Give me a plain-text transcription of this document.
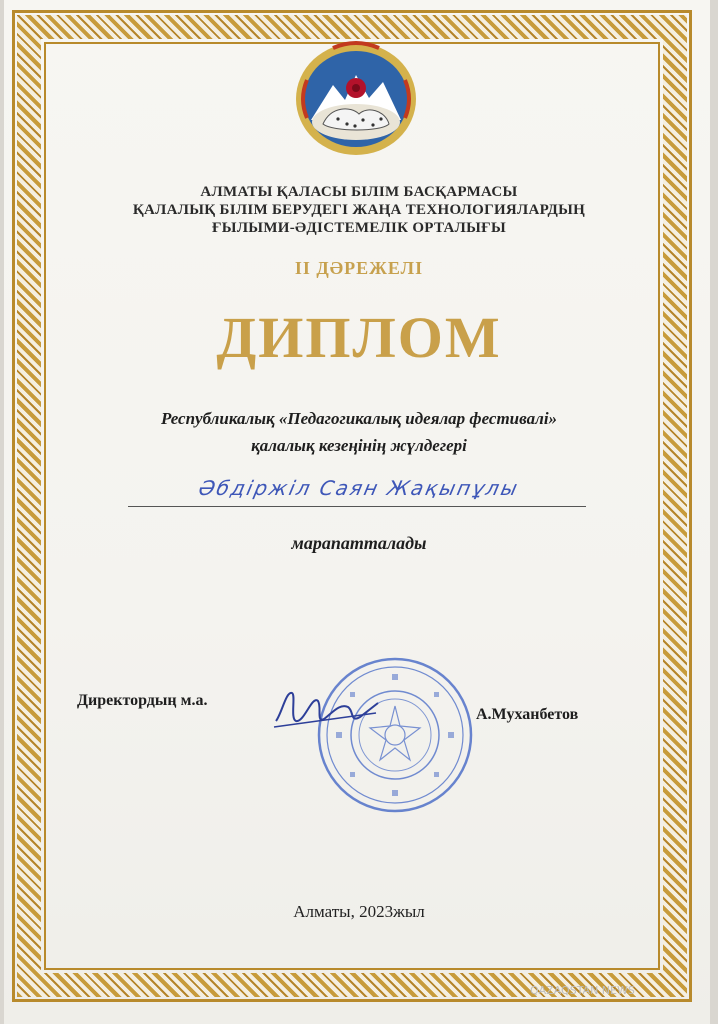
АЛМАТЫ ҚАЛАСЫ БІЛІМ БАСҚАРМАСЫ
ҚАЛАЛЫҚ БІЛІМ БЕРУДЕГІ ЖАҢА ТЕХНОЛОГИЯЛАРДЫҢ
ҒЫЛЫМИ-ӘДІСТЕМЕЛІК ОРТАЛЫҒЫ
II ДӘРЕЖЕЛІ
ДИПЛОМ
Республикалық «Педагогикалық идеялар фестивалі»
қалалық кезеңінің жүлдегері
Әбдіржіл Саян Жақыпұлы
марапатталады
Директордың м.а.
А.Муханбетов
Алматы, 2023жыл
QAZAQSTAN NEWS
